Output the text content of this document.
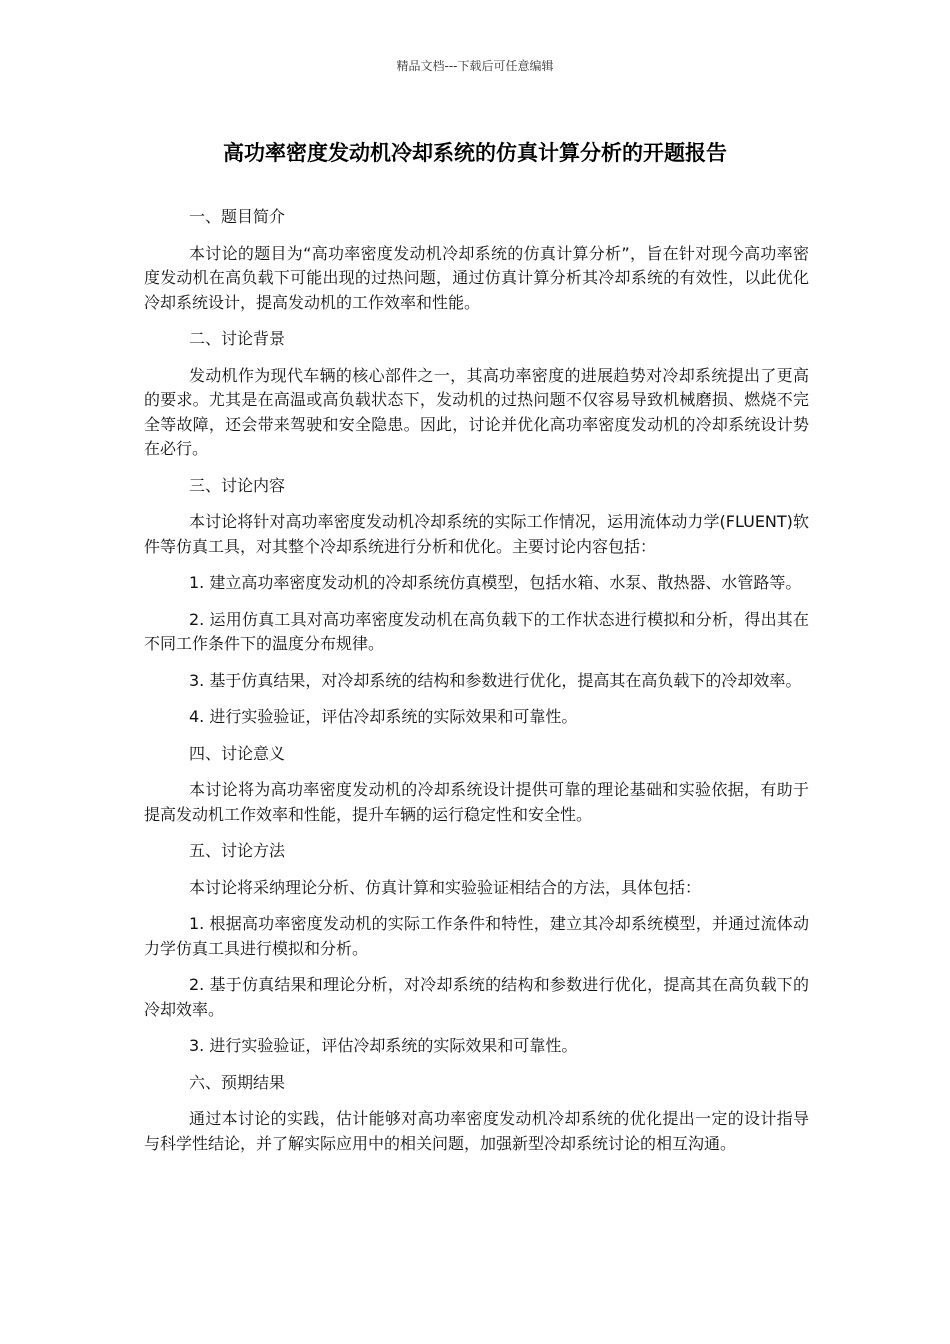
精品文档---下载后可任意编辑
高功率密度发动机冷却系统的仿真计算分析的开题报告

一、题目简介

本讨论的题目为“高功率密度发动机冷却系统的仿真计算分析”，旨在针对现今高功率密度发动机在高负载下可能出现的过热问题，通过仿真计算分析其冷却系统的有效性，以此优化冷却系统设计，提高发动机的工作效率和性能。

二、讨论背景

发动机作为现代车辆的核心部件之一，其高功率密度的进展趋势对冷却系统提出了更高的要求。尤其是在高温或高负载状态下，发动机的过热问题不仅容易导致机械磨损、燃烧不完全等故障，还会带来驾驶和安全隐患。因此，讨论并优化高功率密度发动机的冷却系统设计势在必行。

三、讨论内容

本讨论将针对高功率密度发动机冷却系统的实际工作情况，运用流体动力学(FLUENT)软件等仿真工具，对其整个冷却系统进行分析和优化。主要讨论内容包括：

1. 建立高功率密度发动机的冷却系统仿真模型，包括水箱、水泵、散热器、水管路等。

2. 运用仿真工具对高功率密度发动机在高负载下的工作状态进行模拟和分析，得出其在不同工作条件下的温度分布规律。

3. 基于仿真结果，对冷却系统的结构和参数进行优化，提高其在高负载下的冷却效率。

4. 进行实验验证，评估冷却系统的实际效果和可靠性。

四、讨论意义

本讨论将为高功率密度发动机的冷却系统设计提供可靠的理论基础和实验依据，有助于提高发动机工作效率和性能，提升车辆的运行稳定性和安全性。

五、讨论方法

本讨论将采纳理论分析、仿真计算和实验验证相结合的方法，具体包括：

1. 根据高功率密度发动机的实际工作条件和特性，建立其冷却系统模型，并通过流体动力学仿真工具进行模拟和分析。

2. 基于仿真结果和理论分析，对冷却系统的结构和参数进行优化，提高其在高负载下的冷却效率。

3. 进行实验验证，评估冷却系统的实际效果和可靠性。

六、预期结果

通过本讨论的实践，估计能够对高功率密度发动机冷却系统的优化提出一定的设计指导与科学性结论，并了解实际应用中的相关问题，加强新型冷却系统讨论的相互沟通。
